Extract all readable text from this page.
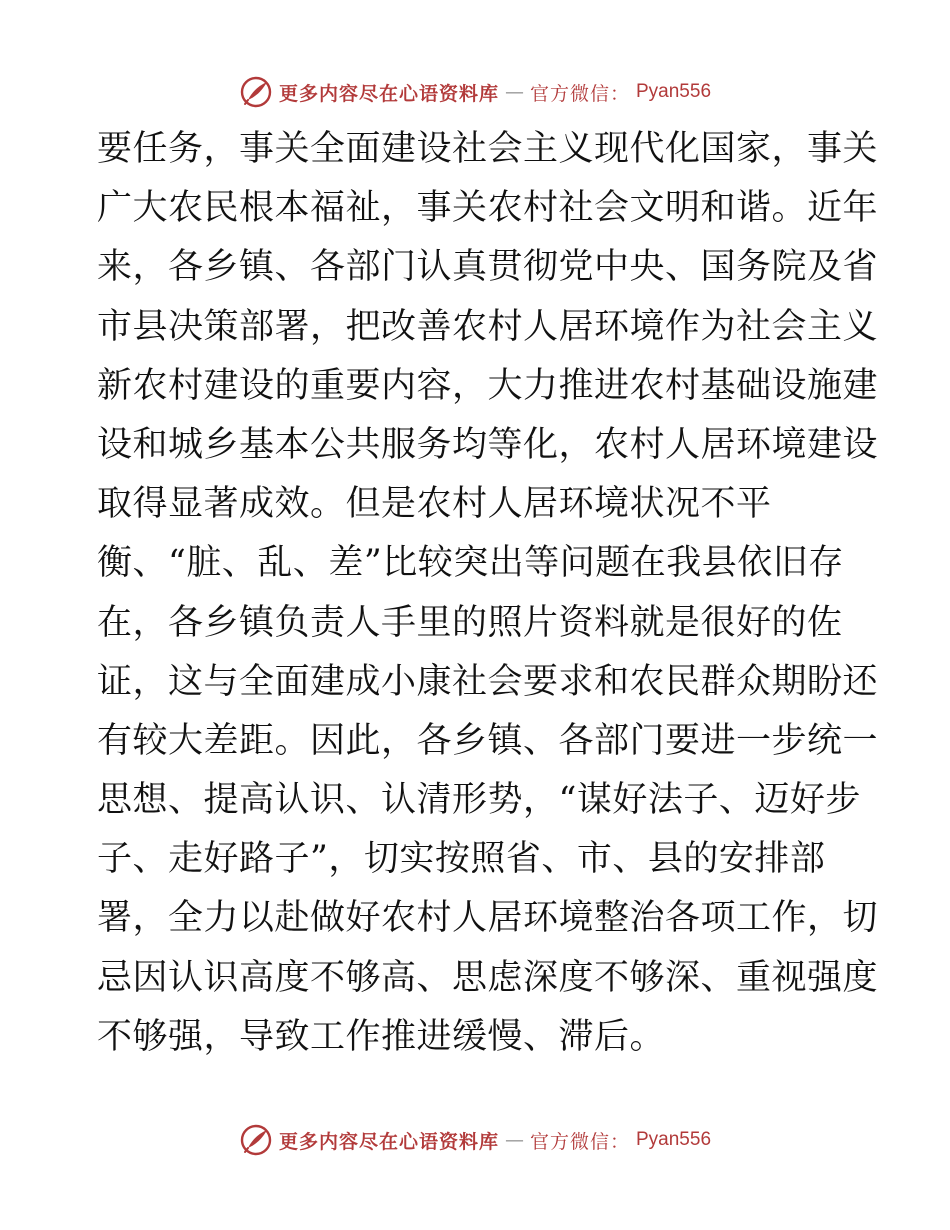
更多内容尽在心语资料库 — 官方微信： Pyan556
要任务，事关全面建设社会主义现代化国家，事关
广大农民根本福祉，事关农村社会文明和谐。近年
来，各乡镇、各部门认真贯彻党中央、国务院及省
市县决策部署，把改善农村人居环境作为社会主义
新农村建设的重要内容，大力推进农村基础设施建
设和城乡基本公共服务均等化，农村人居环境建设
取得显著成效。但是农村人居环境状况不平
衡、“脏、乱、差”比较突出等问题在我县依旧存
在，各乡镇负责人手里的照片资料就是很好的佐
证，这与全面建成小康社会要求和农民群众期盼还
有较大差距。因此，各乡镇、各部门要进一步统一
思想、提高认识、认清形势，“谋好法子、迈好步
子、走好路子”，切实按照省、市、县的安排部
署，全力以赴做好农村人居环境整治各项工作，切
忌因认识高度不够高、思虑深度不够深、重视强度
不够强，导致工作推进缓慢、滞后。
更多内容尽在心语资料库 — 官方微信： Pyan556
